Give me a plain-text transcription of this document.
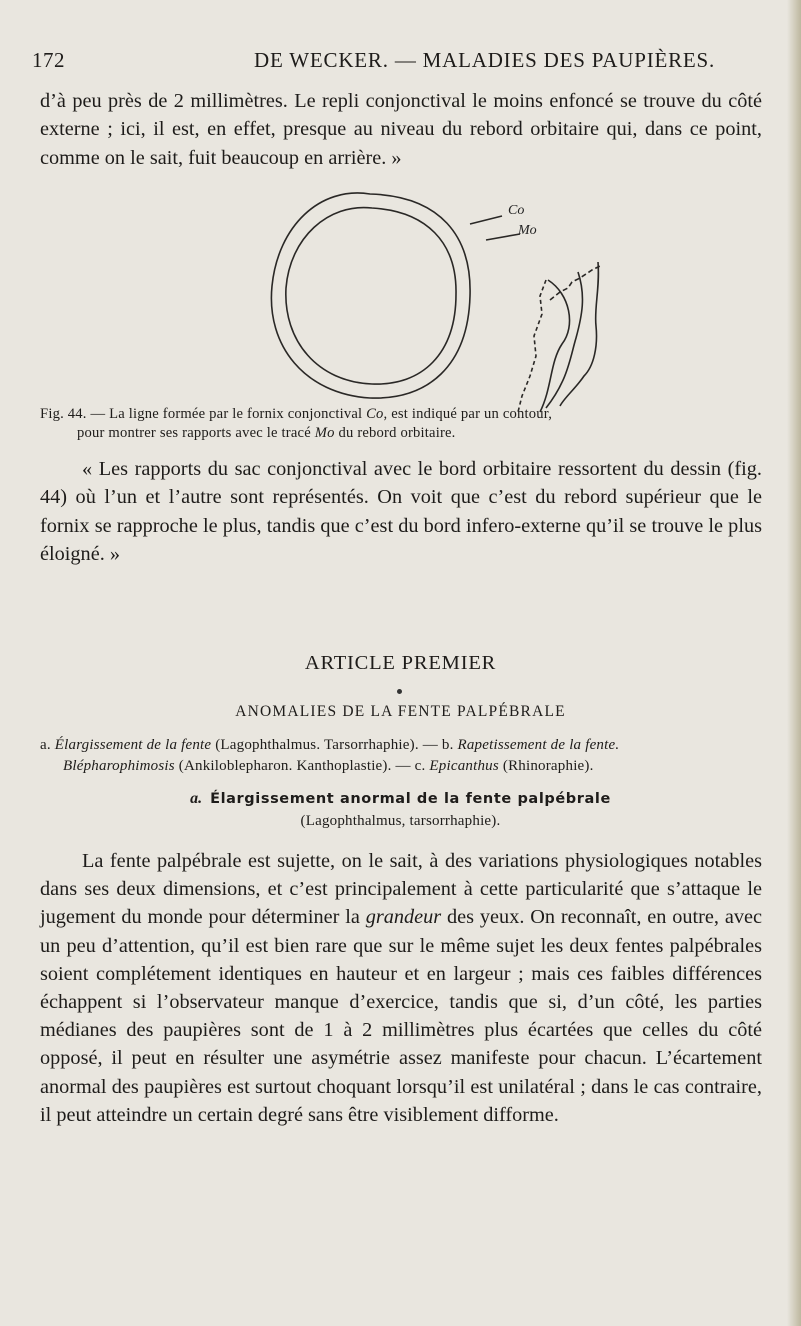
172	DE WECKER. — MALADIES DES PAUPIÈRES.

d’à peu près de 2 millimètres. Le repli conjonctival le moins enfoncé se trouve du côté externe ; ici, il est, en effet, presque au niveau du rebord orbitaire qui, dans ce point, comme on le sait, fuit beaucoup en arrière. »

Co
Mo

Fig. 44. — La ligne formée par le fornix conjonctival Co, est indiqué par un contour,
pour montrer ses rapports avec le tracé Mo du rebord orbitaire.

« Les rapports du sac conjonctival avec le bord orbitaire ressortent du dessin (fig. 44) où l’un et l’autre sont représentés. On voit que c’est du rebord supérieur que le fornix se rapproche le plus, tandis que c’est du bord infero-externe qu’il se trouve le plus éloigné. »

ARTICLE PREMIER
ANOMALIES DE LA FENTE PALPÉBRALE

a. Élargissement de la fente (Lagophthalmus. Tarsorrhaphie). — b. Rapetissement de la fente.
Blépharophimosis (Ankiloblepharon. Kanthoplastie). — c. Epicanthus (Rhinoraphie).

a. Élargissement anormal de la fente palpébrale

(Lagophthalmus, tarsorrhaphie).

La fente palpébrale est sujette, on le sait, à des variations physiologiques notables dans ses deux dimensions, et c’est principalement à cette particularité que s’attaque le jugement du monde pour déterminer la grandeur des yeux. On reconnaît, en outre, avec un peu d’attention, qu’il est bien rare que sur le même sujet les deux fentes palpébrales soient complétement identiques en hauteur et en largeur ; mais ces faibles différences échappent si l’observateur manque d’exercice, tandis que si, d’un côté, les parties médianes des paupières sont de 1 à 2 millimètres plus écartées que celles du côté opposé, il peut en résulter une asymétrie assez manifeste pour chacun. L’écartement anormal des paupières est surtout choquant lorsqu’il est unilatéral ; dans le cas contraire, il peut atteindre un certain degré sans être visiblement difforme.
